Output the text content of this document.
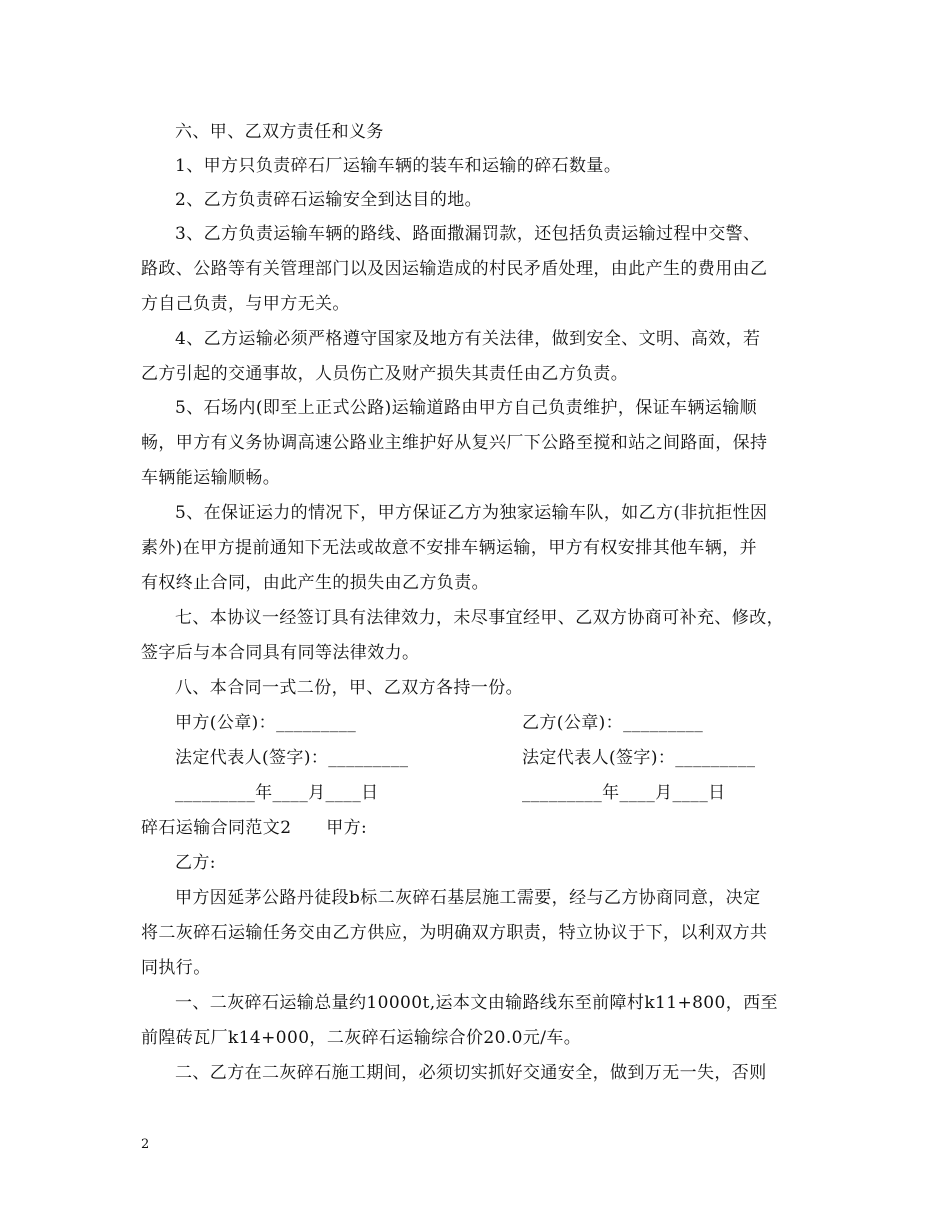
六、甲、乙双方责任和义务
1、甲方只负责碎石厂运输车辆的装车和运输的碎石数量。
2、乙方负责碎石运输安全到达目的地。
3、乙方负责运输车辆的路线、路面撒漏罚款，还包括负责运输过程中交警、
路政、公路等有关管理部门以及因运输造成的村民矛盾处理，由此产生的费用由乙
方自己负责，与甲方无关。
4、乙方运输必须严格遵守国家及地方有关法律，做到安全、文明、高效，若
乙方引起的交通事故，人员伤亡及财产损失其责任由乙方负责。
5、石场内(即至上正式公路)运输道路由甲方自己负责维护，保证车辆运输顺
畅，甲方有义务协调高速公路业主维护好从复兴厂下公路至搅和站之间路面，保持
车辆能运输顺畅。
5、在保证运力的情况下，甲方保证乙方为独家运输车队，如乙方(非抗拒性因
素外)在甲方提前通知下无法或故意不安排车辆运输，甲方有权安排其他车辆，并
有权终止合同，由此产生的损失由乙方负责。
七、本协议一经签订具有法律效力，未尽事宜经甲、乙双方协商可补充、修改，
签字后与本合同具有同等法律效力。
八、本合同一式二份，甲、乙双方各持一份。
甲方(公章)：_________	乙方(公章)：_________
法定代表人(签字)：_________	法定代表人(签字)：_________
_________年____月____日	_________年____月____日
碎石运输合同范文2　　甲方:
乙方:
甲方因延茅公路丹徒段b标二灰碎石基层施工需要，经与乙方协商同意，决定
将二灰碎石运输任务交由乙方供应，为明确双方职责，特立协议于下，以利双方共
同执行。
一、二灰碎石运输总量约10000t,运本文由输路线东至前障村k11+800，西至
前隍砖瓦厂k14+000，二灰碎石运输综合价20.0元/车。
二、乙方在二灰碎石施工期间，必须切实抓好交通安全，做到万无一失，否则
2
